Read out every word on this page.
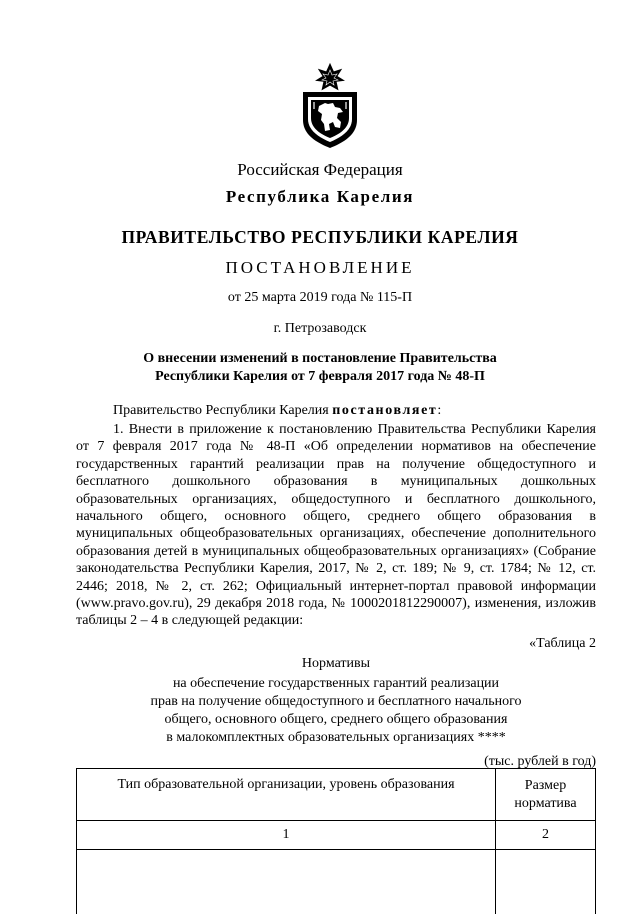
Российская Федерация
Республика Карелия
ПРАВИТЕЛЬСТВО РЕСПУБЛИКИ КАРЕЛИЯ
ПОСТАНОВЛЕНИЕ
от 25 марта 2019 года № 115-П
г. Петрозаводск
О внесении изменений в постановление Правительства
Республики Карелия от 7 февраля 2017 года № 48-П
Правительство Республики Карелия постановляет:
1. Внести в приложение к постановлению Правительства Республики Карелия от 7 февраля 2017 года № 48-П «Об определении нормативов на обеспечение государственных гарантий реализации прав на получение общедоступного и бесплатного дошкольного образования в муниципальных дошкольных образовательных организациях, общедоступного и бесплатного дошкольного, начального общего, основного общего, среднего общего образования в муниципальных общеобразовательных организациях, обеспечение дополнительного образования детей в муниципальных общеобразовательных организациях» (Собрание законодательства Республики Карелия, 2017, № 2, ст. 189; № 9, ст. 1784; № 12, ст. 2446; 2018, № 2, ст. 262; Официальный интернет-портал правовой информации (www.pravo.gov.ru), 29 декабря 2018 года, № 1000201812290007), изменения, изложив таблицы 2 – 4 в следующей редакции:
«Таблица 2
Нормативы
на обеспечение государственных гарантий реализации
прав на получение общедоступного и бесплатного начального
общего, основного общего, среднего общего образования
в малокомплектных образовательных организациях ****
(тыс. рублей в год)
Тип образовательной организации, уровень образования	Размер норматива
1	2
